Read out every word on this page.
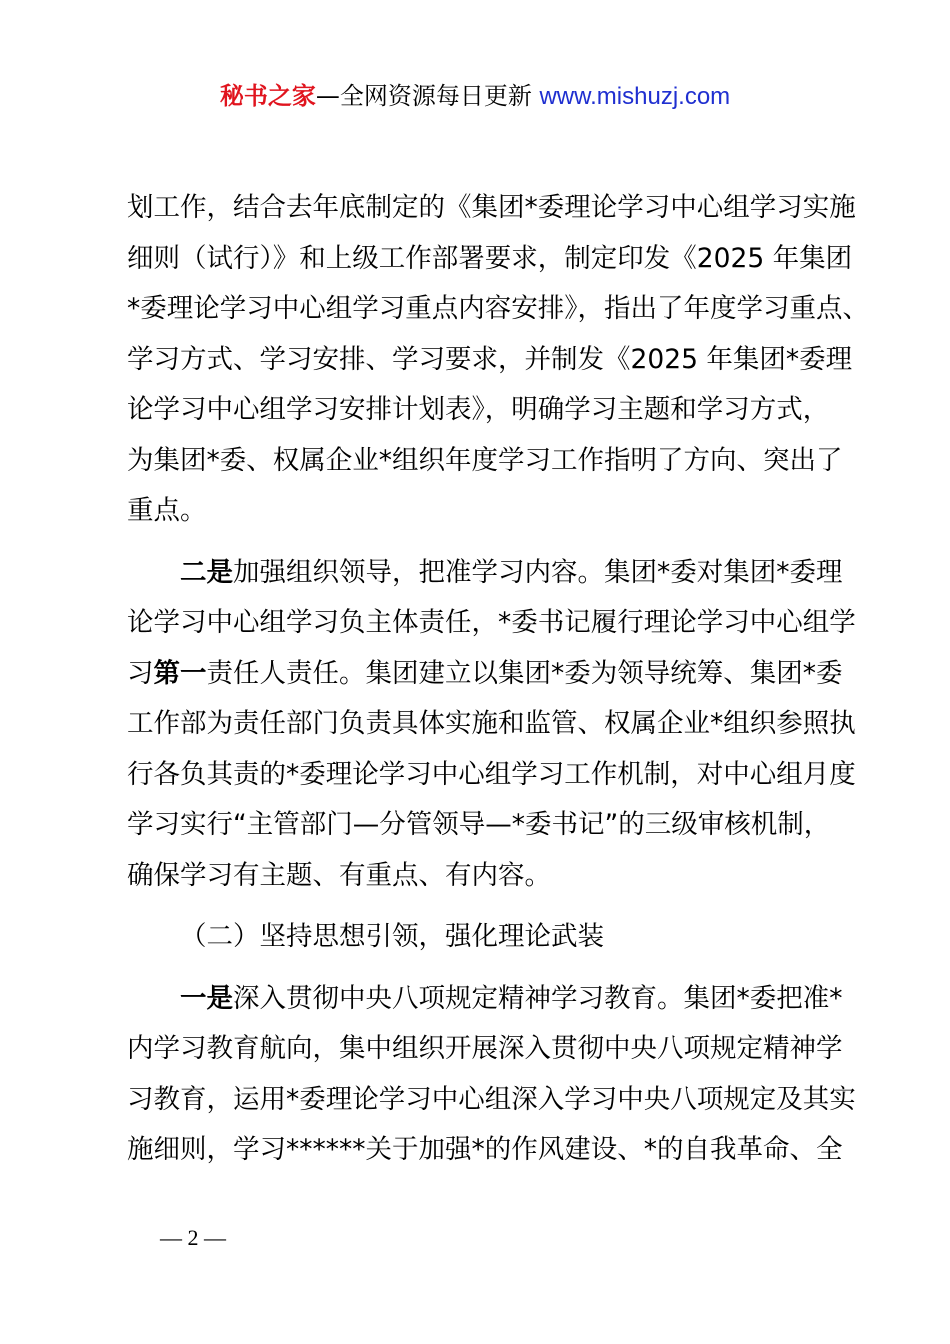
秘书之家—全网资源每日更新 www.mishuzj.com
划工作，结合去年底制定的《集团*委理论学习中心组学习实施
细则（试行）》和上级工作部署要求，制定印发《2025 年集团
*委理论学习中心组学习重点内容安排》，指出了年度学习重点、
学习方式、学习安排、学习要求，并制发《2025 年集团*委理
论学习中心组学习安排计划表》，明确学习主题和学习方式，
为集团*委、权属企业*组织年度学习工作指明了方向、突出了
重点。
二是加强组织领导，把准学习内容。集团*委对集团*委理
论学习中心组学习负主体责任，*委书记履行理论学习中心组学
习第一责任人责任。集团建立以集团*委为领导统筹、集团*委
工作部为责任部门负责具体实施和监管、权属企业*组织参照执
行各负其责的*委理论学习中心组学习工作机制，对中心组月度
学习实行“主管部门—分管领导—*委书记”的三级审核机制，
确保学习有主题、有重点、有内容。
（二）坚持思想引领，强化理论武装
一是深入贯彻中央八项规定精神学习教育。集团*委把准*
内学习教育航向，集中组织开展深入贯彻中央八项规定精神学
习教育，运用*委理论学习中心组深入学习中央八项规定及其实
施细则，学习******关于加强*的作风建设、*的自我革命、全
— 2 —
